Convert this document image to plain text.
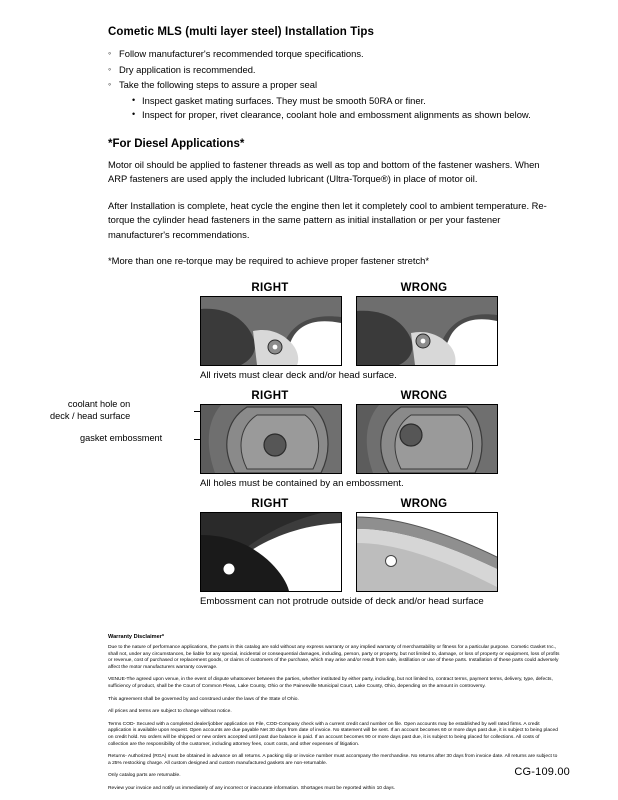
Cometic MLS (multi layer steel) Installation Tips
◦ Follow manufacturer's recommended torque specifications.
◦ Dry application is recommended.
◦ Take the following steps to assure a proper seal
• Inspect gasket mating surfaces. They must be smooth 50RA or finer.
• Inspect for proper, rivet clearance, coolant hole and embossment alignments as shown below.
*For Diesel Applications*

Motor oil should be applied to fastener threads as well as top and bottom of the fastener washers. When ARP fasteners are used apply the included lubricant (Ultra-Torque®) in place of motor oil.

After Installation is complete, heat cycle the engine then let it completely cool to ambient temperature. Re-torque the cylinder head fasteners in the same pattern as initial installation or per your fastener manufacturer's recommendations.

*More than one re-torque may be required to achieve proper fastener stretch*

RIGHT	WRONG

All rivets must clear deck and/or head surface.

coolant hole on
deck / head surface
gasket embossment
RIGHT	WRONG

All holes must be contained by an embossment.

RIGHT	WRONG

Embossment can not protrude outside of deck and/or head surface

Warranty Disclaimer*

Due to the nature of performance applications, the parts in this catalog are sold without any express warranty or any implied warranty of merchantability or fitness for a particular purpose. Cometic Gasket Inc., shall not, under any circumstances, be liable for any special, incidental or consequential damages, including, person, party or property, but not limited to, damage, or loss of property or equipment, loss of profits or revenue, cost of purchased or replacement goods, or claims of customers of the purchase, which may arise and/or result from sale, instillation or use of these parts. Installation of these parts could adversely affect the motor manufacturers warranty coverage.

VENUE-The agreed upon venue, in the event of dispute whatsoever between the parties, whether instituted by either party, including, but not limited to, contract terms, payment terms, delivery, type, defects, sufficiency of product, shall be the Court of Common Pleas, Lake County, Ohio or the Painesville Municipal Court, Lake County, Ohio, depending on the amount in controversy.

This agreement shall be governed by and construed under the laws of the State of Ohio.

All prices and terms are subject to change without notice.

Terms COD- Secured with a completed dealer/jobber application on File, COD-Company check with a current credit card number on file. Open accounts may be established by well rated firms. A credit application is available upon request. Open accounts are due payable Net 30 days from date of invoice. No statement will be sent. If an account becomes 60 or more days past due, it is subject to being placed on credit hold. No orders will be shipped or new orders accepted until past due balance is paid. If an account becomes 90 or more days past due, it is subject to being placed for collections. All costs of collection are the responsibility of the customer, including attorney fees, court costs, and other expenses of litigation.

Returns- Authorized (RGA) must be obtained in advance on all returns. A packing slip or invoice number must accompany the merchandise. No returns after 30 days from invoice date. All returns are subject to a 25% restocking charge. All custom designed and custom manufactured gaskets are non-returnable.

Only catalog parts are returnable.

Review your invoice and notify us immediately of any incorrect or inaccurate information. Shortages must be reported within 10 days.

CG-109.00
